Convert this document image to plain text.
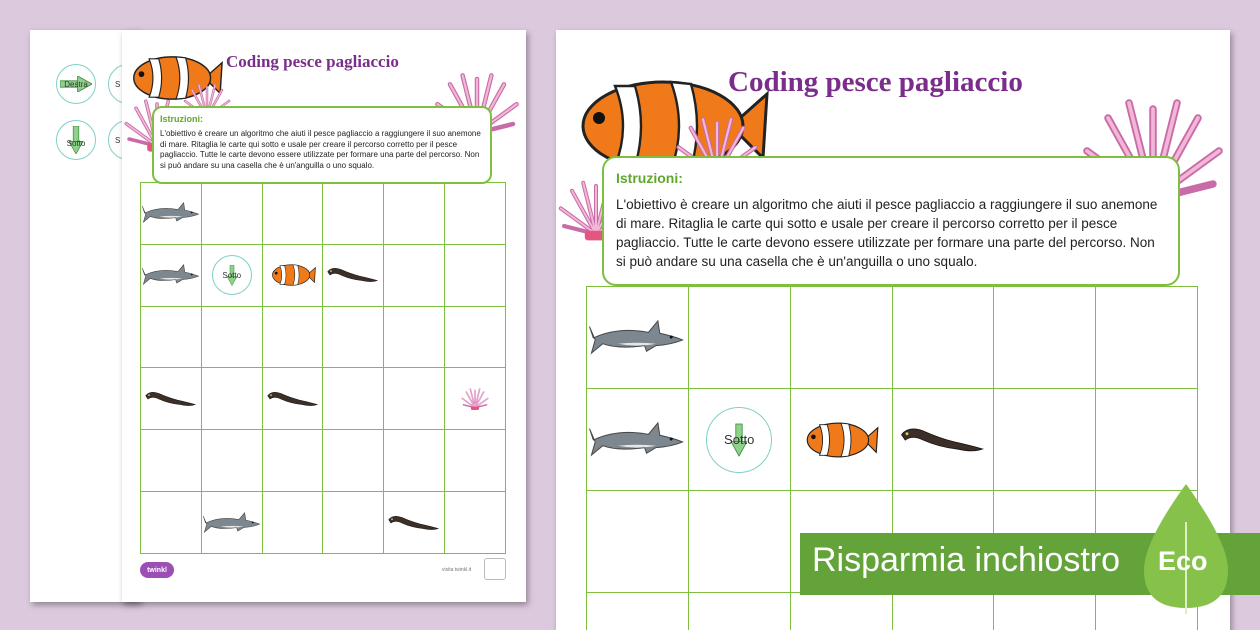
Destra
Sotto
S
S
Coding pesce pagliaccio
Istruzioni:
L'obiettivo è creare un algoritmo che aiuti il pesce pagliaccio a raggiungere il suo anemone di mare. Ritaglia le carte qui sotto e usale per creare il percorso corretto per il pesce pagliaccio. Tutte le carte devono essere utilizzate per formare una parte del percorso. Non si può andare su una casella che è un'anguilla o uno squalo.
Sotto
twinkl	visita twinkl.it
Coding pesce pagliaccio
Istruzioni:
L'obiettivo è creare un algoritmo che aiuti il pesce pagliaccio a raggiungere il suo anemone di mare. Ritaglia le carte qui sotto e usale per creare il percorso corretto per il pesce pagliaccio. Tutte le carte devono essere utilizzate per formare una parte del percorso. Non si può andare su una casella che è un'anguilla o uno squalo.
Sotto
Risparmia inchiostro Eco
